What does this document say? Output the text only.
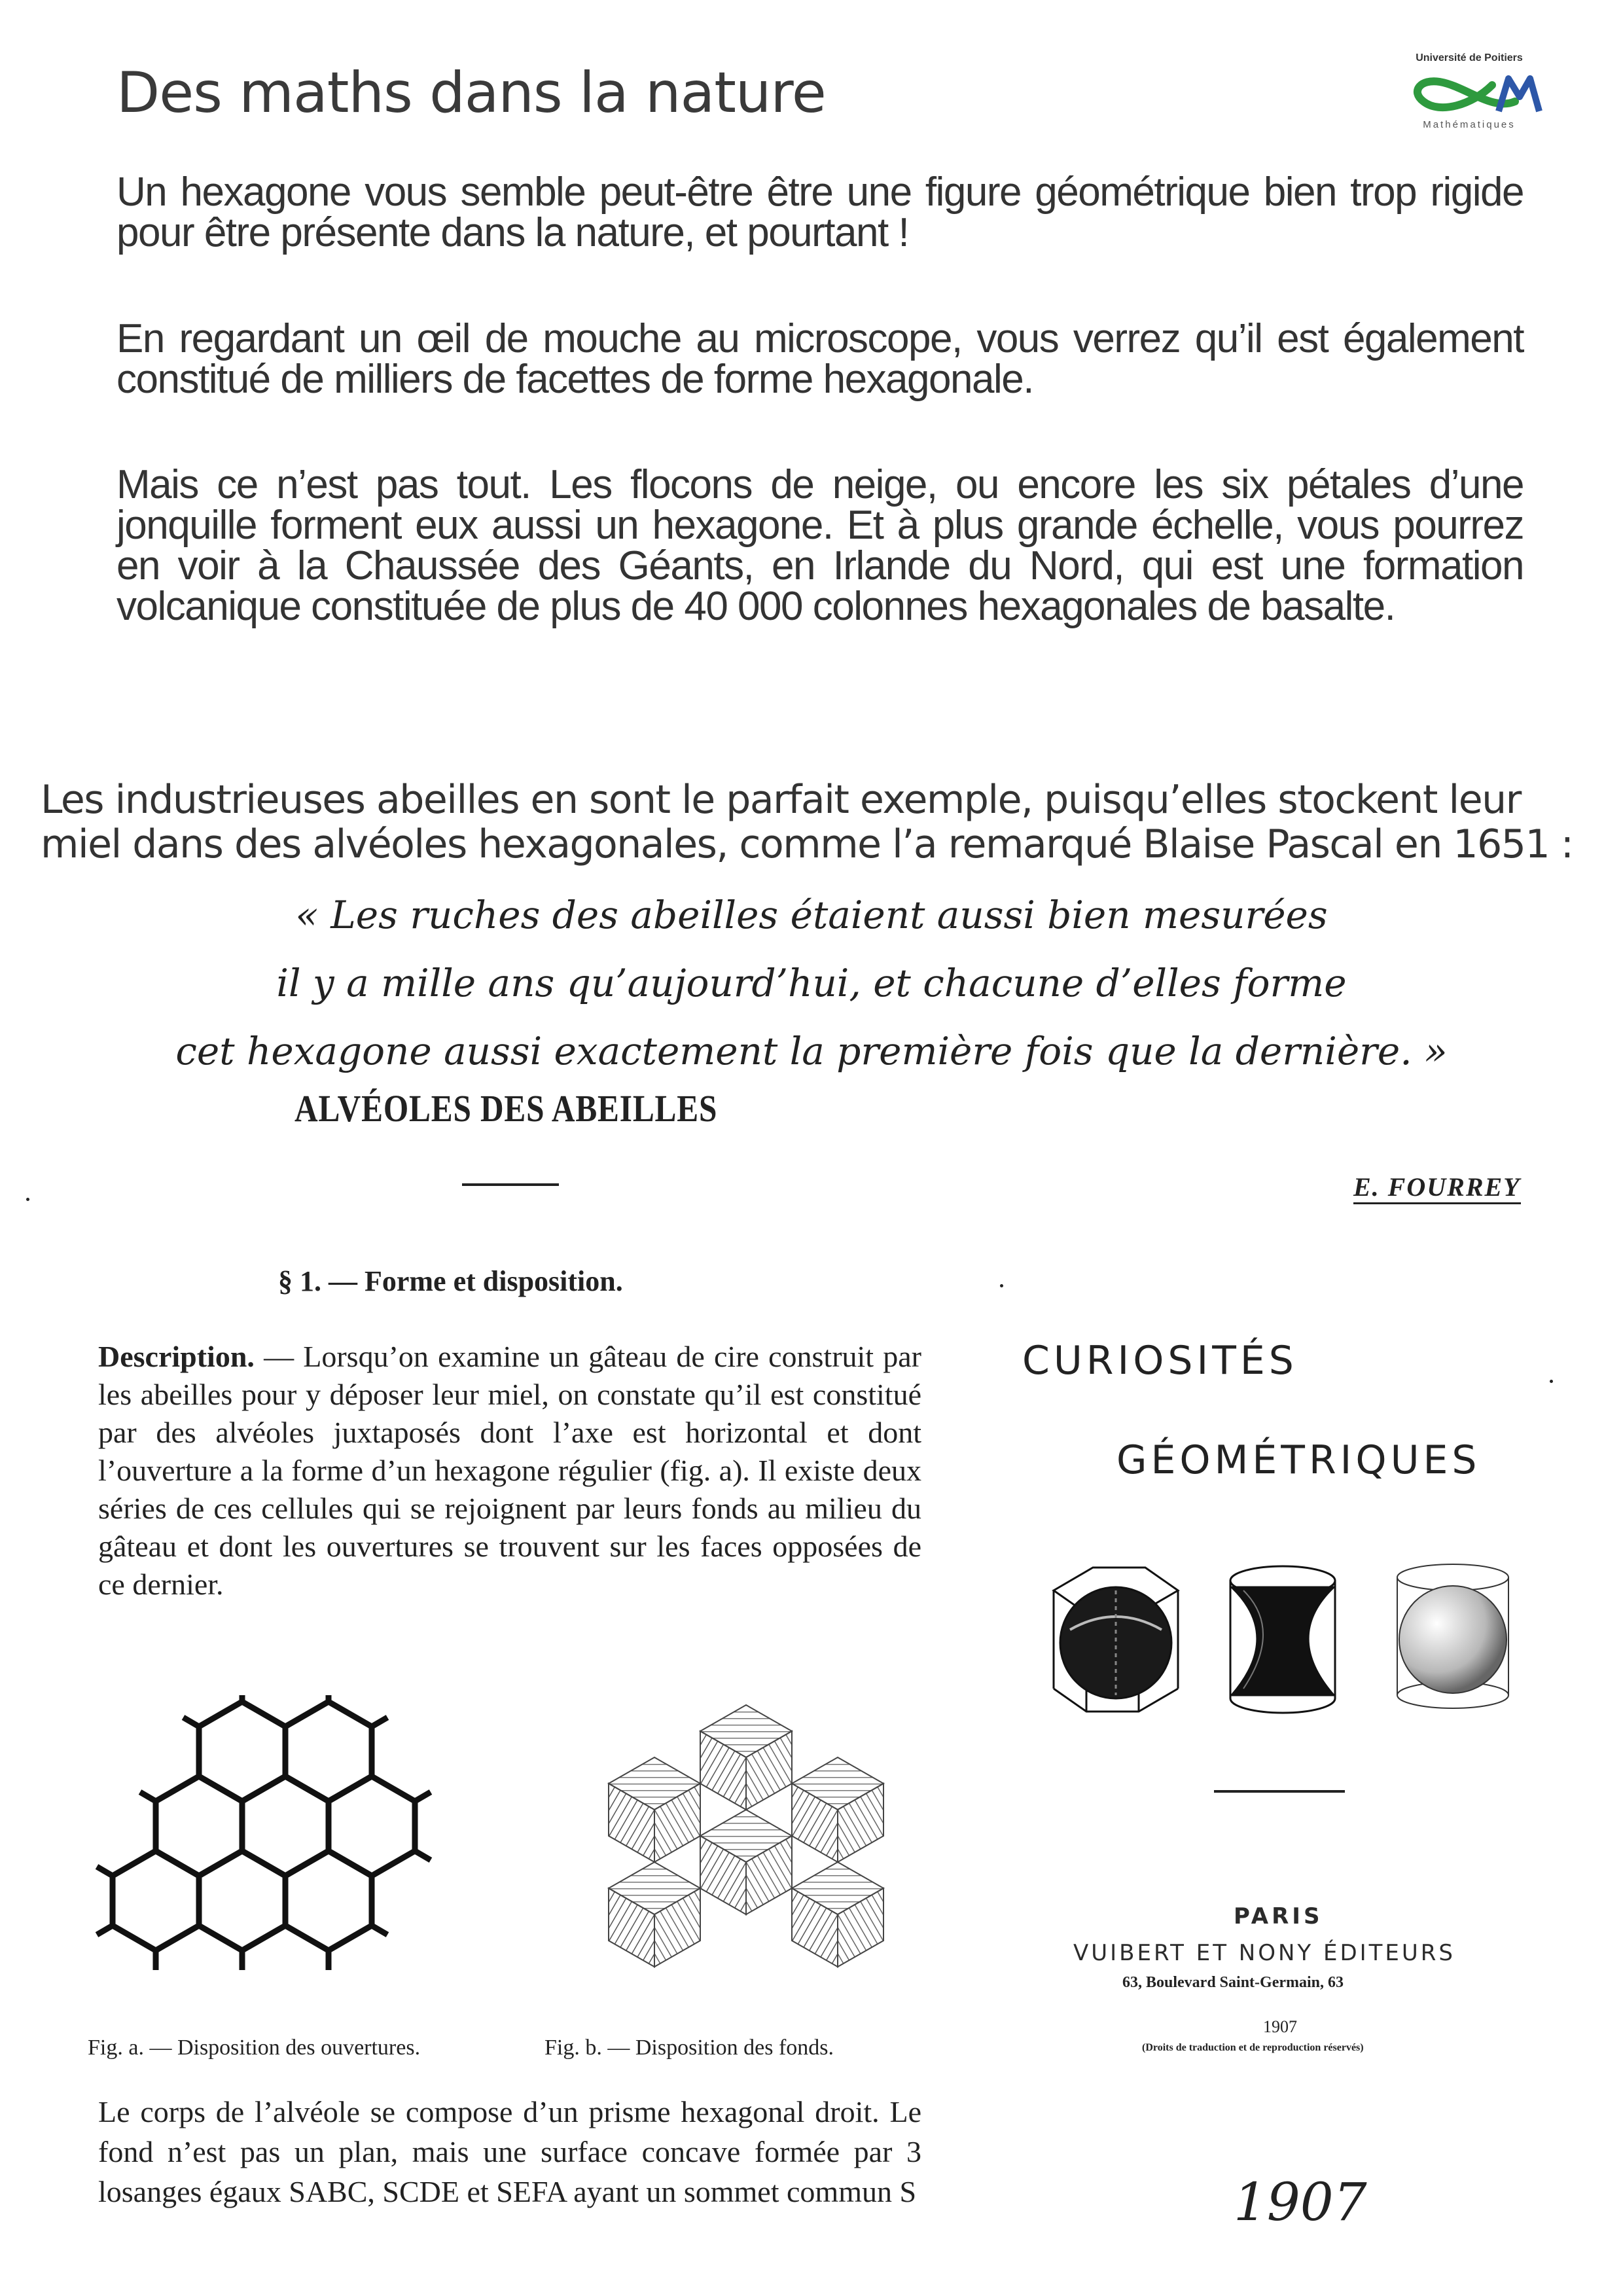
Des maths dans la nature
Université de Poitiers
Mathématiques
Un hexagone vous semble peut-être être une figure géométrique bien trop rigide pour être présente dans la nature, et pourtant !
En regardant un œil de mouche au microscope, vous verrez qu’il est également constitué de milliers de facettes de forme hexagonale.
Mais ce n’est pas tout. Les flocons de neige, ou encore les six pétales d’une jonquille forment eux aussi un hexagone. Et à plus grande échelle, vous pourrez en voir à la Chaussée des Géants, en Irlande du Nord, qui est une formation volcanique constituée de plus de 40 000 colonnes hexagonales de basalte.
Les industrieuses abeilles en sont le parfait exemple, puisqu’elles stockent leur miel dans des alvéoles hexagonales, comme l’a remarqué Blaise Pascal en 1651 :
« Les ruches des abeilles étaient aussi bien mesurées
il y a mille ans qu’aujourd’hui, et chacune d’elles forme
cet hexagone aussi exactement la première fois que la dernière. »
ALVÉOLES DES ABEILLES
§ 1. — Forme et disposition.
Description. — Lorsqu’on examine un gâteau de cire construit par les abeilles pour y déposer leur miel, on constate qu’il est constitué par des alvéoles juxtaposés dont l’axe est horizontal et dont l’ouverture a la forme d’un hexagone régulier (fig. a). Il existe deux séries de ces cellules qui se rejoignent par leurs fonds au milieu du gâteau et dont les ouvertures se trouvent sur les faces opposées de ce dernier.
Fig. a. — Disposition des ouvertures.	Fig. b. — Disposition des fonds.
Le corps de l’alvéole se compose d’un prisme hexagonal droit. Le fond n’est pas un plan, mais une surface concave formée par 3 losanges égaux SABC, SCDE et SEFA ayant un sommet commun S
E. FOURREY
CURIOSITÉS
GÉOMÉTRIQUES
PARIS
VUIBERT ET NONY ÉDITEURS
63, Boulevard Saint-Germain, 63
1907
(Droits de traduction et de reproduction réservés)
1907
